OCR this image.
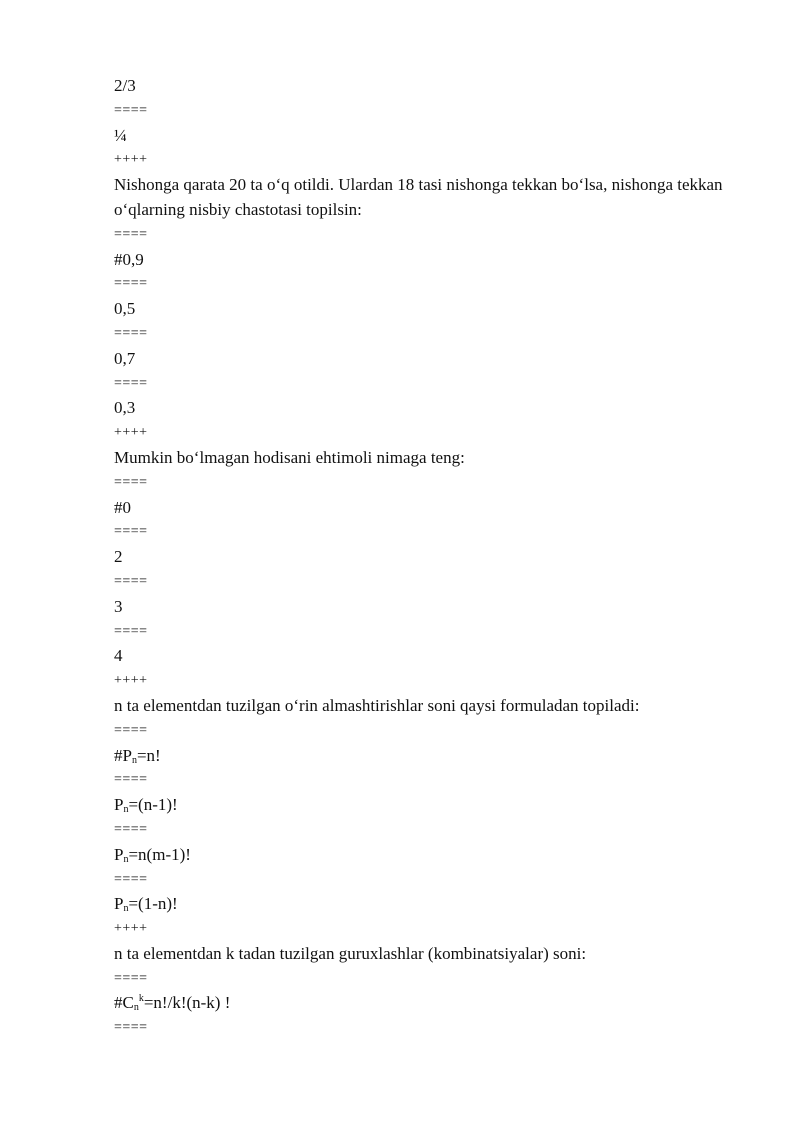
2/3
====
¼
++++
Nishonga qarata 20 ta o‘q otildi. Ulardan 18 tasi nishonga tekkan bo‘lsa, nishonga tekkan o‘qlarning nisbiy chastotasi topilsin:
====
#0,9
====
0,5
====
0,7
====
0,3
++++
Mumkin bo‘lmagan hodisani ehtimoli nimaga teng:
====
#0
====
2
====
3
====
4
++++
n ta elementdan tuzilgan o‘rin almashtirishlar soni qaysi formuladan topiladi:
====
$\#P_n=n$!
====
$P_n=(n-1)$!
====
$P_n=n(m-1)$!
====
$P_n=(1-n)$!
++++
n ta elementdan k tadan tuzilgan guruxlashlar (kombinatsiyalar) soni:
====
$\#C_n^k=n!/k!(n-k)$ !
====
